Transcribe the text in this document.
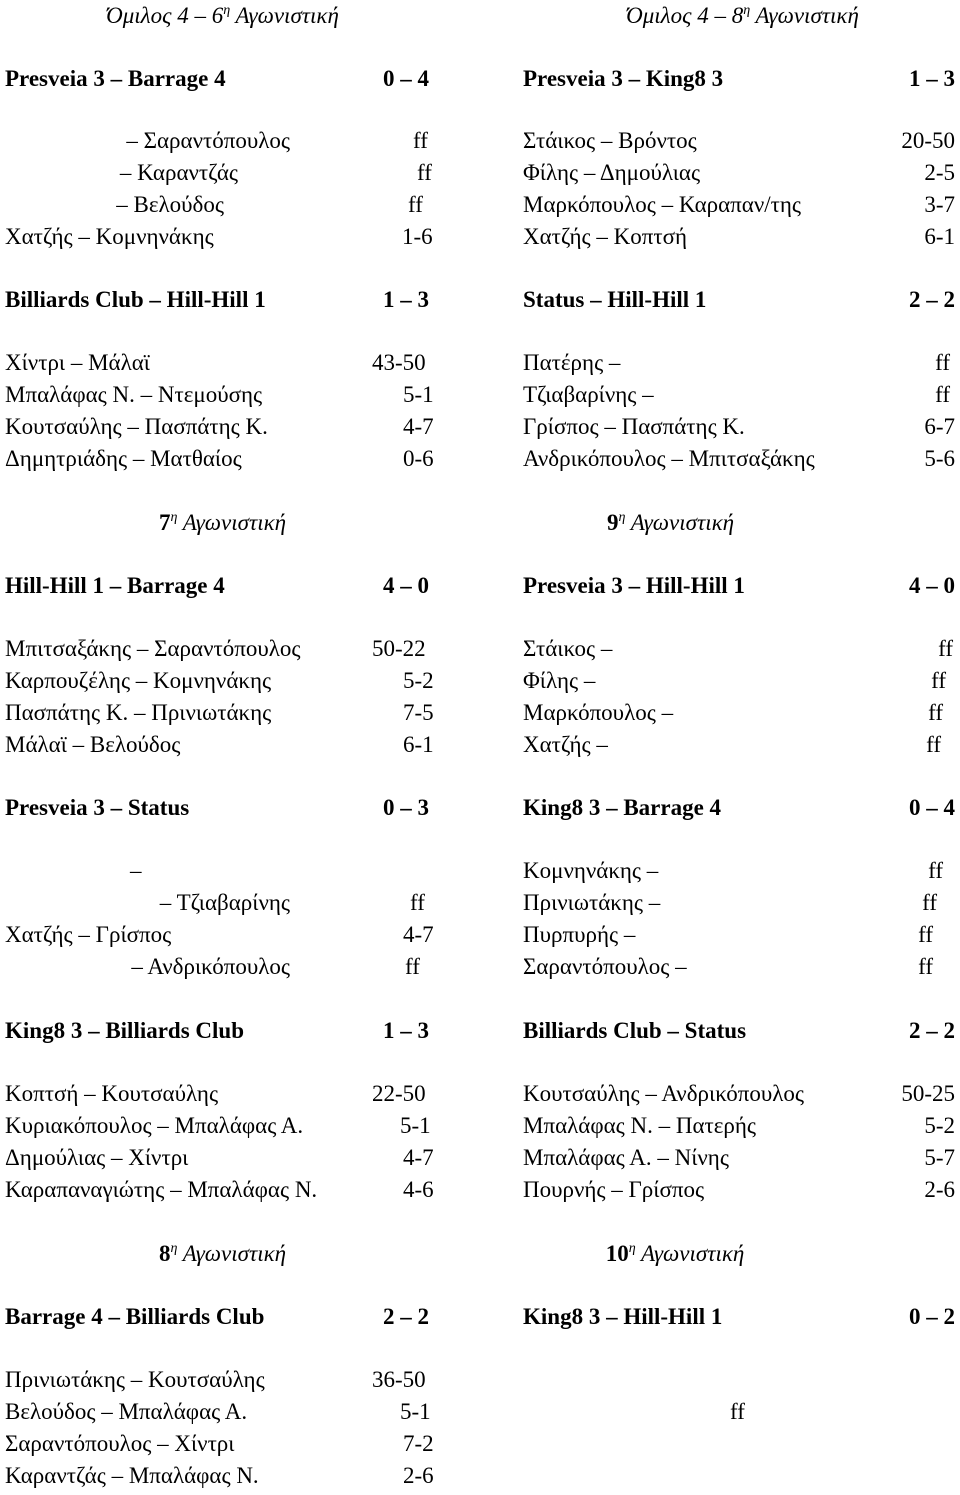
Όμιλος $4 - 6^\eta$ Αγωνιστική
Presveia 3 – Barrage 4	0 – 4
– Σαραντόπουλος	ff
– Καραντζάς	ff
– Βελούδος	ff
Χατζής – Κομνηνάκης	1-6
Billiards Club – Hill-Hill 1	1 – 3
Χίντρι – Μάλαϊ	43-50
Μπαλάφας Ν. – Ντεμούσης	5-1
Κουτσαύλης – Πασπάτης Κ.	4-7
Δημητριάδης – Ματθαίος	0-6
$7^\eta$ Αγωνιστική
Hill-Hill 1 – Barrage 4	4 – 0
Μπιτσαξάκης – Σαραντόπουλος	50-22
Καρπουζέλης – Κομνηνάκης	5-2
Πασπάτης Κ. – Πρινιωτάκης	7-5
Μάλαϊ – Βελούδος	6-1
Presveia 3 – Status	0 – 3
–
– Τζιαβαρίνης	ff
Χατζής – Γρίσπος	4-7
– Ανδρικόπουλος	ff
King8 3 – Billiards Club	1 – 3
Κοπτσή – Κουτσαύλης	22-50
Κυριακόπουλος – Μπαλάφας Α.	5-1
Δημούλιας – Χίντρι	4-7
Καραπαναγιώτης – Μπαλάφας Ν.	4-6
$8^\eta$ Αγωνιστική
Barrage 4 – Billiards Club	2 – 2
Πρινιωτάκης – Κουτσαύλης	36-50
Βελούδος – Μπαλάφας Α.	5-1
Σαραντόπουλος – Χίντρι	7-2
Καραντζάς – Μπαλάφας Ν.	2-6
Όμιλος $4 - 8^\eta$ Αγωνιστική
Presveia 3 – King8 3	1 – 3
Στάικος – Βρόντος	20-50
Φίλης – Δημούλιας	2-5
Μαρκόπουλος – Καραπαν/της	3-7
Χατζής – Κοπτσή	6-1
Status – Hill-Hill 1	2 – 2
Πατέρης –	ff
Τζιαβαρίνης –	ff
Γρίσπος – Πασπάτης Κ.	6-7
Ανδρικόπουλος – Μπιτσαξάκης	5-6
$9^\eta$ Αγωνιστική
Presveia 3 – Hill-Hill 1	4 – 0
Στάικος –	ff
Φίλης –	ff
Μαρκόπουλος –	ff
Χατζής –	ff
King8 3 – Barrage 4	0 – 4
Κομνηνάκης –	ff
Πρινιωτάκης –	ff
Πυρπυρής –	ff
Σαραντόπουλος –	ff
Billiards Club – Status	2 – 2
Κουτσαύλης – Ανδρικόπουλος	50-25
Μπαλάφας Ν. – Πατερής	5-2
Μπαλάφας Α. – Νίνης	5-7
Πουρνής – Γρίσπος	2-6
$10^\eta$ Αγωνιστική
King8 3 – Hill-Hill 1	0 – 2
ff
